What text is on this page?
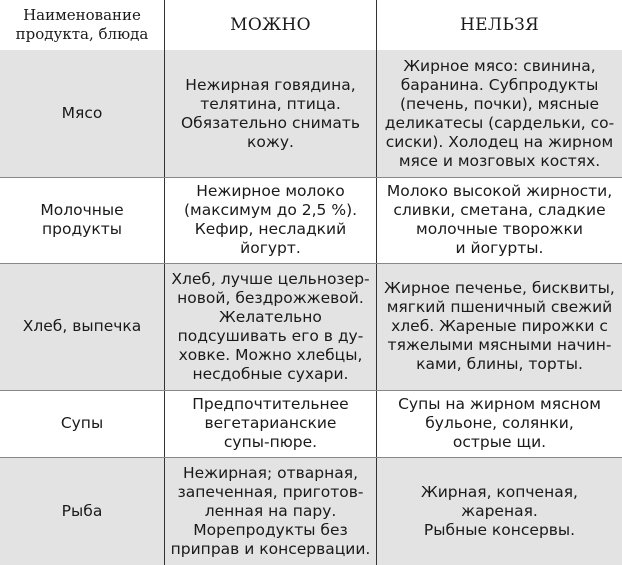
Наименование
продукта, блюда	МОЖНО	НЕЛЬЗЯ
Мясо
Нежирная говядина,
телятина, птица.
Обязательно снимать
кожу.
Жирное мясо: свинина,
баранина. Субпродукты
(печень, почки), мясные
деликатесы (сардельки, со-
сиски). Холодец на жирном
мясе и мозговых костях.
Молочные
продукты
Нежирное молоко
(максимум до 2,5 %).
Кефир, несладкий
йогурт.
Молоко высокой жирности,
сливки, сметана, сладкие
молочные творожки
и йогурты.
Хлеб, выпечка
Хлеб, лучше цельнозер-
новой, бездрожжевой.
Желательно
подсушивать его в ду-
ховке. Можно хлебцы,
несдобные сухари.
Жирное печенье, бисквиты,
мягкий пшеничный свежий
хлеб. Жареные пирожки с
тяжелыми мясными начин-
ками, блины, торты.
Супы
Предпочтительнее
вегетарианские
супы-пюре.
Супы на жирном мясном
бульоне, солянки,
острые щи.
Рыба
Нежирная; отварная,
запеченная, приготов-
ленная на пару.
Морепродукты без
приправ и консервации.
Жирная, копченая, жареная.
Рыбные консервы.
